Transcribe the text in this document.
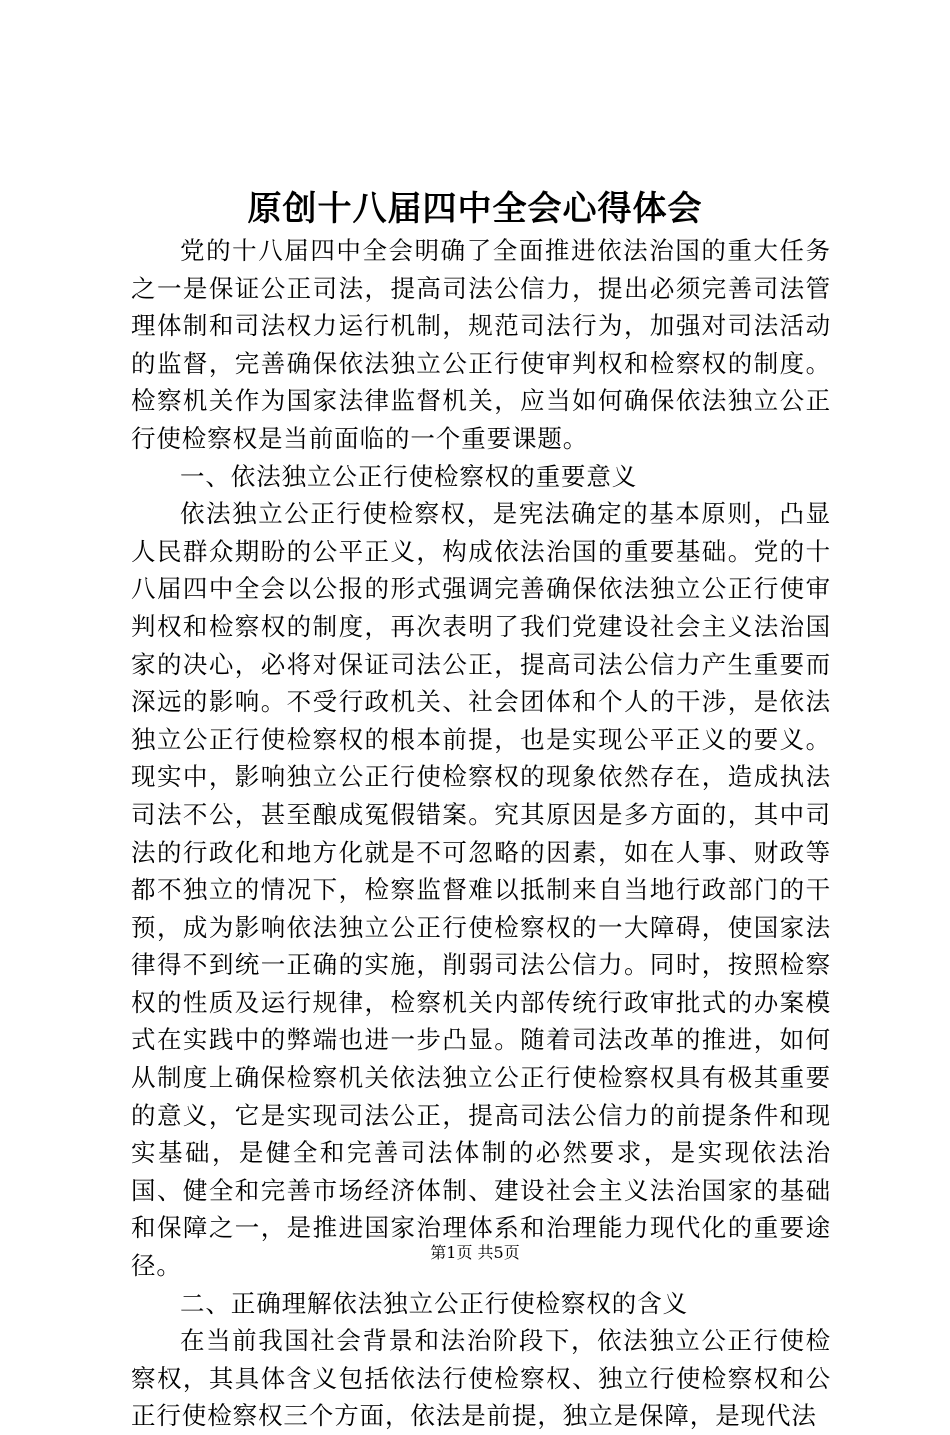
原创十八届四中全会心得体会

党的十八届四中全会明确了全面推进依法治国的重大任务之一是保证公正司法，提高司法公信力，提出必须完善司法管理体制和司法权力运行机制，规范司法行为，加强对司法活动的监督，完善确保依法独立公正行使审判权和检察权的制度。检察机关作为国家法律监督机关，应当如何确保依法独立公正行使检察权是当前面临的一个重要课题。

一、依法独立公正行使检察权的重要意义

依法独立公正行使检察权，是宪法确定的基本原则，凸显人民群众期盼的公平正义，构成依法治国的重要基础。党的十八届四中全会以公报的形式强调完善确保依法独立公正行使审判权和检察权的制度，再次表明了我们党建设社会主义法治国家的决心，必将对保证司法公正，提高司法公信力产生重要而深远的影响。不受行政机关、社会团体和个人的干涉，是依法独立公正行使检察权的根本前提，也是实现公平正义的要义。现实中，影响独立公正行使检察权的现象依然存在，造成执法司法不公，甚至酿成冤假错案。究其原因是多方面的，其中司法的行政化和地方化就是不可忽略的因素，如在人事、财政等都不独立的情况下，检察监督难以抵制来自当地行政部门的干预，成为影响依法独立公正行使检察权的一大障碍，使国家法律得不到统一正确的实施，削弱司法公信力。同时，按照检察权的性质及运行规律，检察机关内部传统行政审批式的办案模式在实践中的弊端也进一步凸显。随着司法改革的推进，如何从制度上确保检察机关依法独立公正行使检察权具有极其重要的意义，它是实现司法公正，提高司法公信力的前提条件和现实基础，是健全和完善司法体制的必然要求，是实现依法治国、健全和完善市场经济体制、建设社会主义法治国家的基础和保障之一，是推进国家治理体系和治理能力现代化的重要途径。

二、正确理解依法独立公正行使检察权的含义

在当前我国社会背景和法治阶段下，依法独立公正行使检察权，其具体含义包括依法行使检察权、独立行使检察权和公正行使检察权三个方面，依法是前提，独立是保障，是现代法

第1页 共5页
